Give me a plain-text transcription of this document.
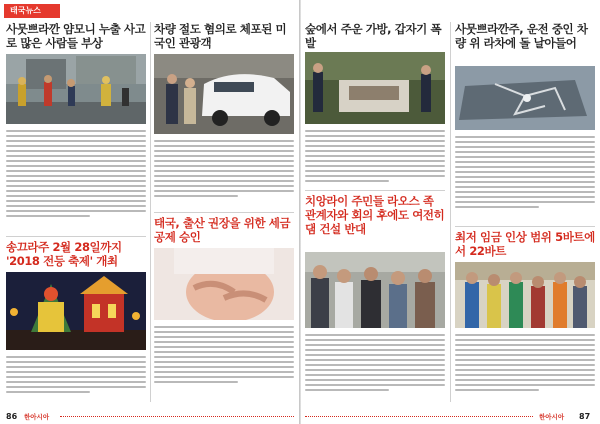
태국뉴스
사뭇쁘라깐 얌모니 누출 사고로 많은 사람들 부상
송끄라주 2월 28일까지 '2018 전등 축제' 개최
차량 절도 혐의로 체포된 미국인 관광객
태국, 출산 권장을 위한 세금 공제 승인
86 한아시아
숲에서 주운 가방, 갑자기 폭발
치앙라이 주민들 라오스 족 관계자와 회의 후에도 여전히 댐 건설 반대
사뭇쁘라깐주, 운전 중인 차량 위 라차에 돌 날아들어
최저 임금 인상 범위 5바트에서 22바트
한아시아 87
